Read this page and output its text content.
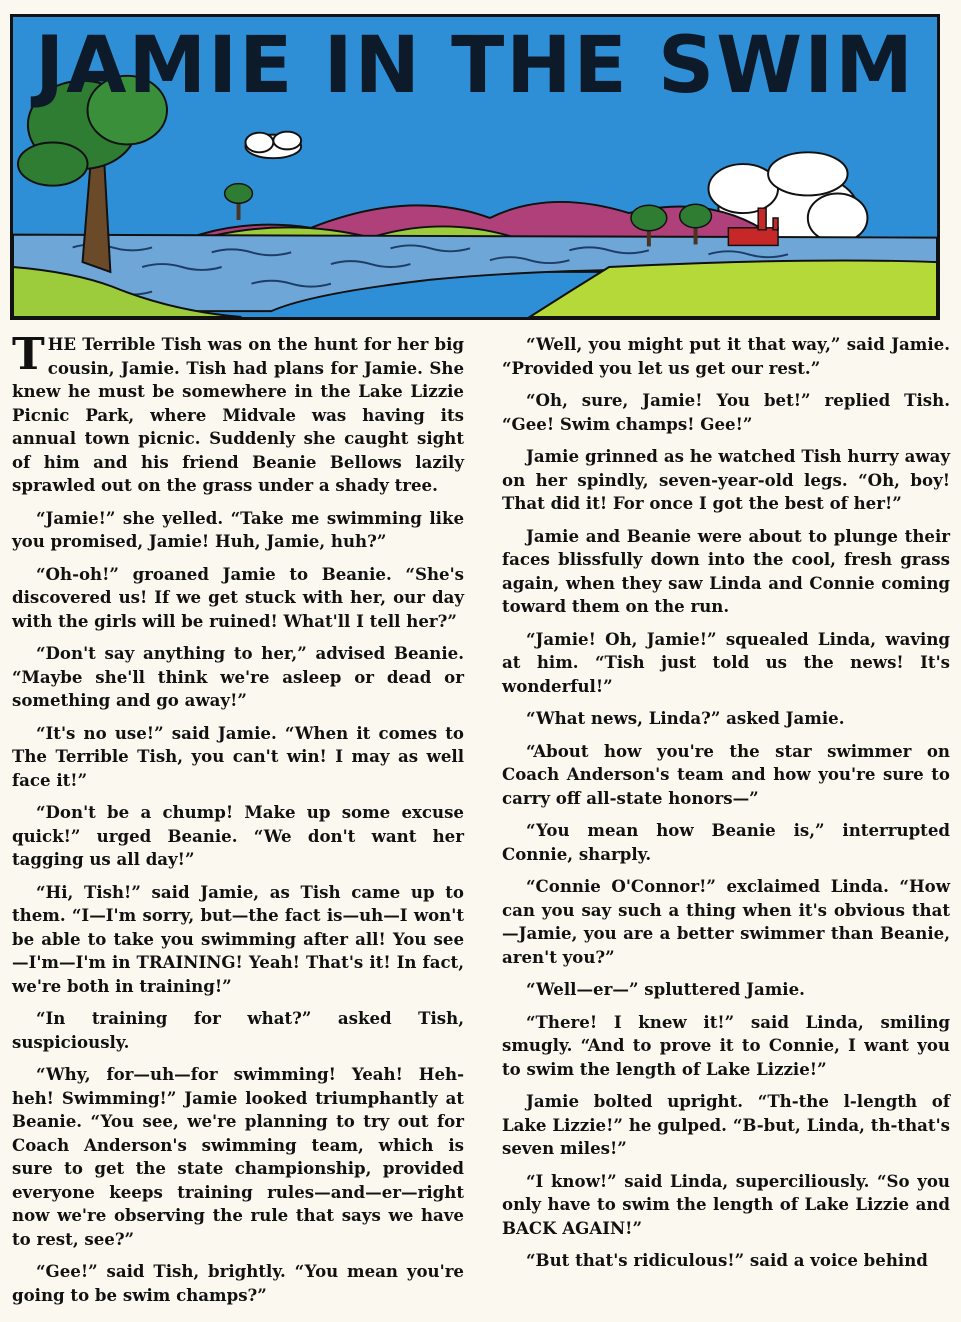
JAMIE IN THE SWIM

THE Terrible Tish was on the hunt for her big cousin, Jamie. Tish had plans for Jamie. She knew he must be somewhere in the Lake Lizzie Picnic Park, where Midvale was having its annual town picnic. Suddenly she caught sight of him and his friend Beanie Bellows lazily sprawled out on the grass under a shady tree.

“Jamie!” she yelled. “Take me swimming like you promised, Jamie! Huh, Jamie, huh?”

“Oh-oh!” groaned Jamie to Beanie. “She's discovered us! If we get stuck with her, our day with the girls will be ruined! What'll I tell her?”

“Don't say anything to her,” advised Beanie. “Maybe she'll think we're asleep or dead or something and go away!”

“It's no use!” said Jamie. “When it comes to The Terrible Tish, you can't win! I may as well face it!”

“Don't be a chump! Make up some excuse quick!” urged Beanie. “We don't want her tagging us all day!”

“Hi, Tish!” said Jamie, as Tish came up to them. “I—I'm sorry, but—the fact is—uh—I won't be able to take you swimming after all! You see—I'm—I'm in TRAINING! Yeah! That's it! In fact, we're both in training!”

“In training for what?” asked Tish, suspiciously.

“Why, for—uh—for swimming! Yeah! Heh-heh! Swimming!” Jamie looked triumphantly at Beanie. “You see, we're planning to try out for Coach Anderson's swimming team, which is sure to get the state championship, provided everyone keeps training rules—and—er—right now we're observing the rule that says we have to rest, see?”

“Gee!” said Tish, brightly. “You mean you're going to be swim champs?”

“Well, you might put it that way,” said Jamie. “Provided you let us get our rest.”

“Oh, sure, Jamie! You bet!” replied Tish. “Gee! Swim champs! Gee!”

Jamie grinned as he watched Tish hurry away on her spindly, seven-year-old legs. “Oh, boy! That did it! For once I got the best of her!”

Jamie and Beanie were about to plunge their faces blissfully down into the cool, fresh grass again, when they saw Linda and Connie coming toward them on the run.

“Jamie! Oh, Jamie!” squealed Linda, waving at him. “Tish just told us the news! It's wonderful!”

“What news, Linda?” asked Jamie.

“About how you're the star swimmer on Coach Anderson's team and how you're sure to carry off all-state honors—”

“You mean how Beanie is,” interrupted Connie, sharply.

“Connie O'Connor!” exclaimed Linda. “How can you say such a thing when it's obvious that—Jamie, you are a better swimmer than Beanie, aren't you?”

“Well—er—” spluttered Jamie.

“There! I knew it!” said Linda, smiling smugly. “And to prove it to Connie, I want you to swim the length of Lake Lizzie!”

Jamie bolted upright. “Th-the l-length of Lake Lizzie!” he gulped. “B-but, Linda, th-that's seven miles!”

“I know!” said Linda, superciliously. “So you only have to swim the length of Lake Lizzie and BACK AGAIN!”

“But that's ridiculous!” said a voice behind
